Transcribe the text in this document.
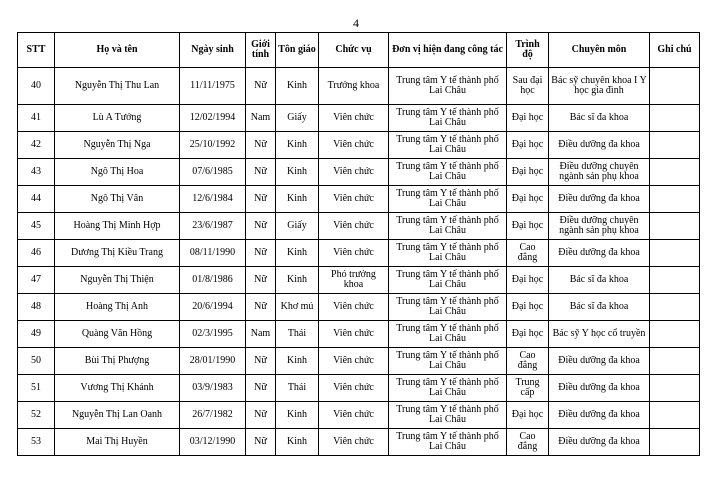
4
STT	Họ và tên	Ngày sinh	Giới tính	Tôn giáo	Chức vụ	Đơn vị hiện đang công tác	Trình độ	Chuyên môn	Ghi chú
40	Nguyễn Thị Thu Lan	11/11/1975	Nữ	Kinh	Trưởng khoa	Trung tâm Y tế thành phố Lai Châu	Sau đại học	Bác sỹ chuyên khoa I Y học gia đình	
41	Lù A Tướng	12/02/1994	Nam	Giấy	Viên chức	Trung tâm Y tế thành phố Lai Châu	Đại học	Bác sĩ đa khoa	
42	Nguyễn Thị Nga	25/10/1992	Nữ	Kinh	Viên chức	Trung tâm Y tế thành phố Lai Châu	Đại học	Điều dưỡng đa khoa	
43	Ngô Thị Hoa	07/6/1985	Nữ	Kinh	Viên chức	Trung tâm Y tế thành phố Lai Châu	Đại học	Điều dưỡng chuyên ngành sản phụ khoa	
44	Ngô Thị Vân	12/6/1984	Nữ	Kinh	Viên chức	Trung tâm Y tế thành phố Lai Châu	Đại học	Điều dưỡng đa khoa	
45	Hoàng Thị Minh Hợp	23/6/1987	Nữ	Giấy	Viên chức	Trung tâm Y tế thành phố Lai Châu	Đại học	Điều dưỡng chuyên ngành sản phụ khoa	
46	Dương Thị Kiều Trang	08/11/1990	Nữ	Kinh	Viên chức	Trung tâm Y tế thành phố Lai Châu	Cao đẳng	Điều dưỡng đa khoa	
47	Nguyễn Thị Thiện	01/8/1986	Nữ	Kinh	Phó trưởng khoa	Trung tâm Y tế thành phố Lai Châu	Đại học	Bác sĩ đa khoa	
48	Hoàng Thị Anh	20/6/1994	Nữ	Khơ mú	Viên chức	Trung tâm Y tế thành phố Lai Châu	Đại học	Bác sĩ đa khoa	
49	Quàng Văn Hồng	02/3/1995	Nam	Thái	Viên chức	Trung tâm Y tế thành phố Lai Châu	Đại học	Bác sỹ Y học cổ truyền	
50	Bùi Thị Phượng	28/01/1990	Nữ	Kinh	Viên chức	Trung tâm Y tế thành phố Lai Châu	Cao đẳng	Điều dưỡng đa khoa	
51	Vương Thị Khánh	03/9/1983	Nữ	Thái	Viên chức	Trung tâm Y tế thành phố Lai Châu	Trung cấp	Điều dưỡng đa khoa	
52	Nguyễn Thị Lan Oanh	26/7/1982	Nữ	Kinh	Viên chức	Trung tâm Y tế thành phố Lai Châu	Đại học	Điều dưỡng đa khoa	
53	Mai Thị Huyền	03/12/1990	Nữ	Kinh	Viên chức	Trung tâm Y tế thành phố Lai Châu	Cao đẳng	Điều dưỡng đa khoa	
